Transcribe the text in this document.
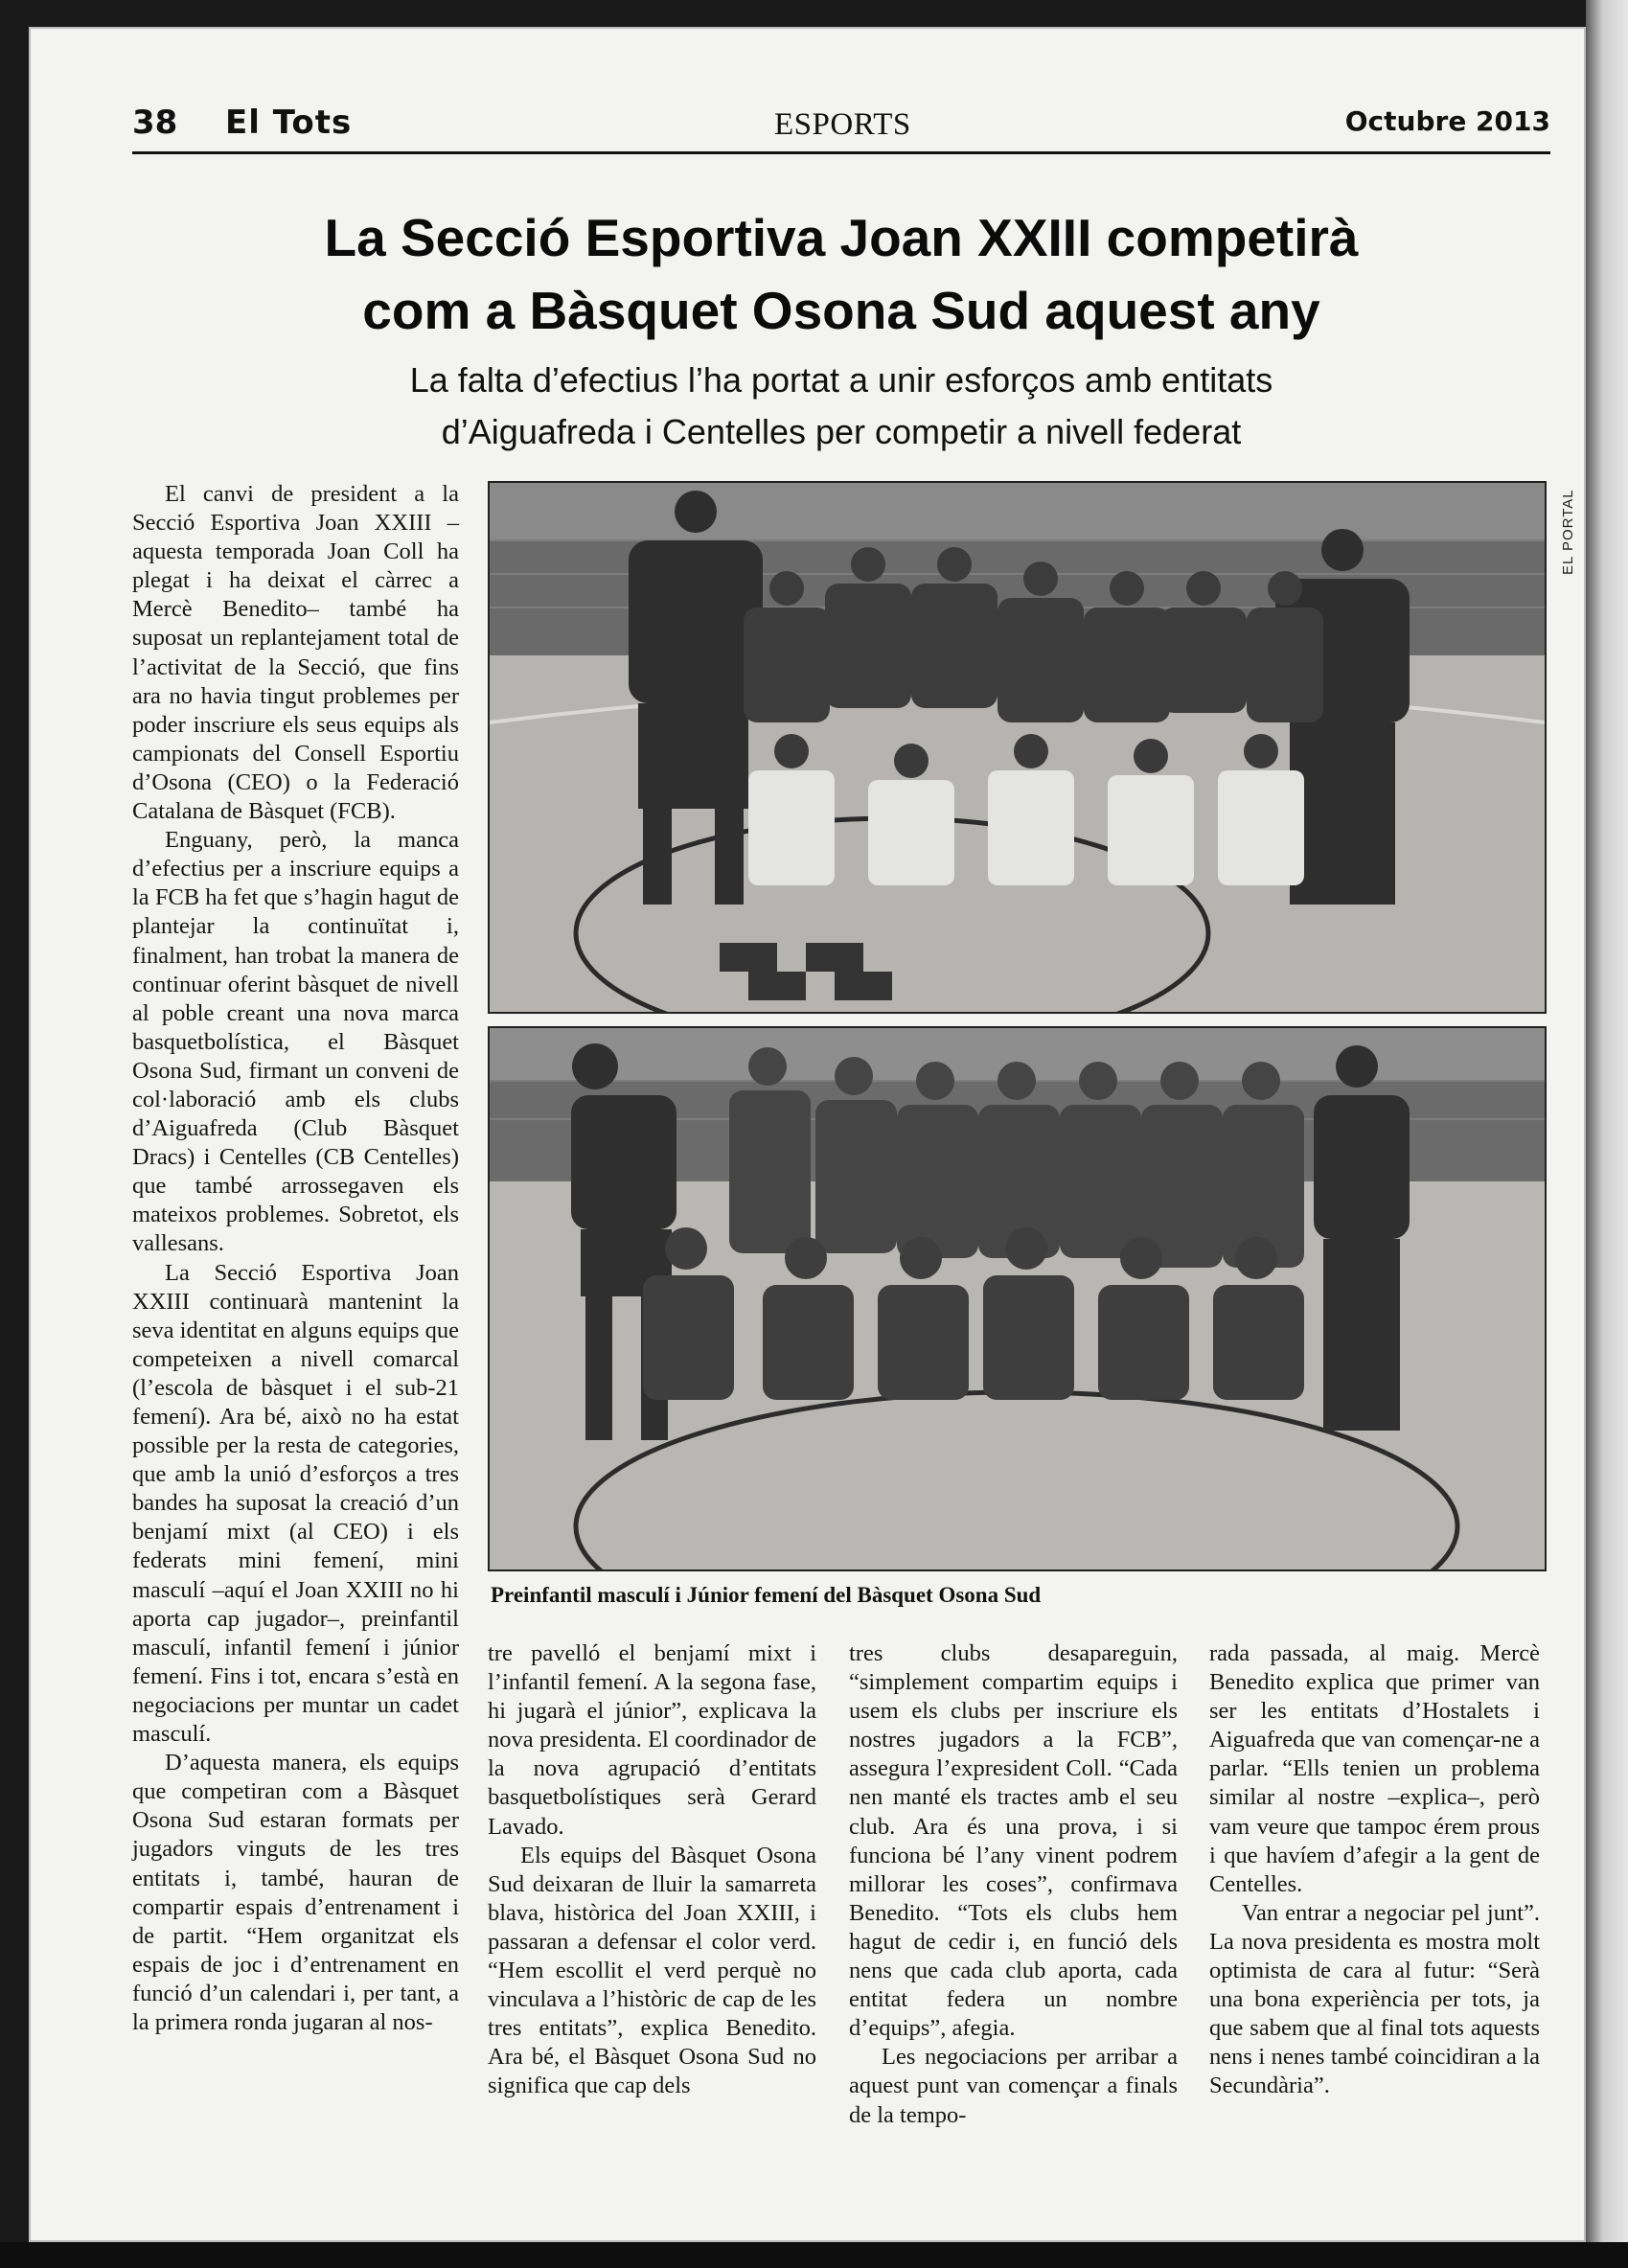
38 El Tots	ESPORTS	Octubre 2013
EL PORTAL
La Secció Esportiva Joan XXIII competirà
com a Bàsquet Osona Sud aquest any
La falta d’efectius l’ha portat a unir esforços amb entitats
d’Aiguafreda i Centelles per competir a nivell federat
Preinfantil masculí i Júnior femení del Bàsquet Osona Sud

El canvi de president a la Secció Esportiva Joan XXIII –aquesta temporada Joan Coll ha plegat i ha deixat el càrrec a Mercè Benedito– també ha suposat un replantejament total de l’activitat de la Secció, que fins ara no havia tingut problemes per poder inscriure els seus equips als campionats del Consell Esportiu d’Osona (CEO) o la Federació Catalana de Bàsquet (FCB).

Enguany, però, la manca d’efectius per a inscriure equips a la FCB ha fet que s’hagin hagut de plantejar la continuïtat i, finalment, han trobat la manera de continuar oferint bàsquet de nivell al poble creant una nova marca basquetbolística, el Bàsquet Osona Sud, firmant un conveni de col·laboració amb els clubs d’Aiguafreda (Club Bàsquet Dracs) i Centelles (CB Centelles) que també arrossegaven els mateixos problemes. Sobretot, els vallesans.

La Secció Esportiva Joan XXIII continuarà mantenint la seva identitat en alguns equips que competeixen a nivell comarcal (l’escola de bàsquet i el sub-21 femení). Ara bé, això no ha estat possible per la resta de categories, que amb la unió d’esforços a tres bandes ha suposat la creació d’un benjamí mixt (al CEO) i els federats mini femení, mini masculí –aquí el Joan XXIII no hi aporta cap jugador–, preinfantil masculí, infantil femení i júnior femení. Fins i tot, encara s’està en negociacions per muntar un cadet masculí.

D’aquesta manera, els equips que competiran com a Bàsquet Osona Sud estaran formats per jugadors vinguts de les tres entitats i, també, hauran de compartir espais d’entrenament i de partit. “Hem organitzat els espais de joc i d’entrenament en funció d’un calendari i, per tant, a la primera ronda jugaran al nos-

tre pavelló el benjamí mixt i l’infantil femení. A la segona fase, hi jugarà el júnior”, explicava la nova presidenta. El coordinador de la nova agrupació d’entitats basquetbolístiques serà Gerard Lavado.

Els equips del Bàsquet Osona Sud deixaran de lluir la samarreta blava, històrica del Joan XXIII, i passaran a defensar el color verd. “Hem escollit el verd perquè no vinculava a l’històric de cap de les tres entitats”, explica Benedito. Ara bé, el Bàsquet Osona Sud no significa que cap dels

tres clubs desapareguin, “simplement compartim equips i usem els clubs per inscriure els nostres jugadors a la FCB”, assegura l’expresident Coll. “Cada nen manté els tractes amb el seu club. Ara és una prova, i si funciona bé l’any vinent podrem millorar les coses”, confirmava Benedito. “Tots els clubs hem hagut de cedir i, en funció dels nens que cada club aporta, cada entitat federa un nombre d’equips”, afegia.

Les negociacions per arribar a aquest punt van començar a finals de la tempo-

rada passada, al maig. Mercè Benedito explica que primer van ser les entitats d’Hostalets i Aiguafreda que van començar-ne a parlar. “Ells tenien un problema similar al nostre –explica–, però vam veure que tampoc érem prous i que havíem d’afegir a la gent de Centelles.

Van entrar a negociar pel junt”. La nova presidenta es mostra molt optimista de cara al futur: “Serà una bona experiència per tots, ja que sabem que al final tots aquests nens i nenes també coincidiran a la Secundària”.
